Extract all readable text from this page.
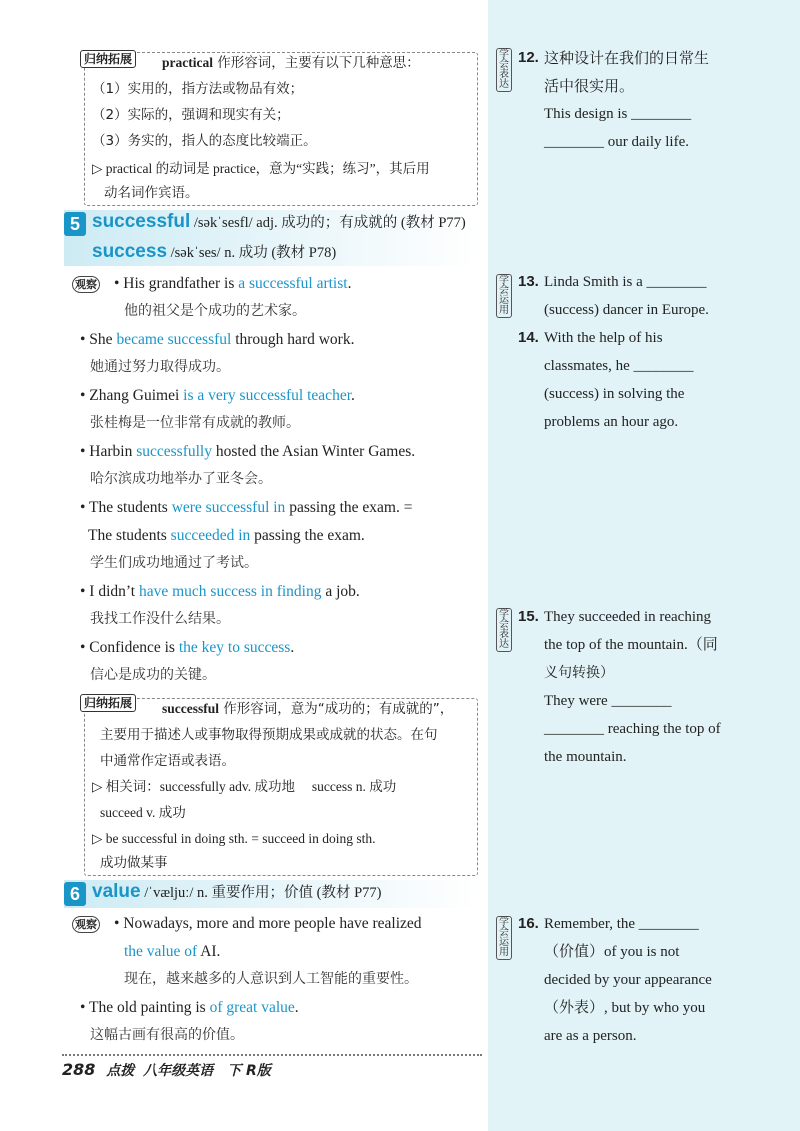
归纳拓展 practical 作形容词，主要有以下几种意思：
（1）实用的，指方法或物品有效；
（2）实际的，强调和现实有关；
（3）务实的，指人的态度比较端正。
▷ practical 的动词是 practice，意为“实践；练习”，其后用
动名词作宾语。
5 successful /səkˈsesfl/ adj. 成功的；有成就的 (教材 P77)
success /səkˈses/ n. 成功 (教材 P78)
观察 • His grandfather is a successful artist.
他的祖父是个成功的艺术家。
• She became successful through hard work.
她通过努力取得成功。
• Zhang Guimei is a very successful teacher.
张桂梅是一位非常有成就的教师。
• Harbin successfully hosted the Asian Winter Games.
哈尔滨成功地举办了亚冬会。
• The students were successful in passing the exam. =
The students succeeded in passing the exam.
学生们成功地通过了考试。
• I didn’t have much success in finding a job.
我找工作没什么结果。
• Confidence is the key to success.
信心是成功的关键。
归纳拓展 successful 作形容词，意为“成功的；有成就的”，
主要用于描述人或事物取得预期成果或成就的状态。在句
中通常作定语或表语。
▷ 相关词：successfully adv. 成功地　 success n. 成功
succeed v. 成功
▷ be successful in doing sth. = succeed in doing sth.
成功做某事
6 value /ˈvæljuː/ n. 重要作用；价值 (教材 P77)
观察 • Nowadays, more and more people have realized
the value of AI.
现在，越来越多的人意识到人工智能的重要性。
• The old painting is of great value.
这幅古画有很高的价值。
学会表达
12. 这种设计在我们的日常生
活中很实用。
This design is ________
________ our daily life.
学会运用
13. Linda Smith is a ________
(success) dancer in Europe.
14. With the help of his
classmates, he ________
(success) in solving the
problems an hour ago.
学会表达
15. They succeeded in reaching
the top of the mountain.（同
义句转换）
They were ________
________ reaching the top of
the mountain.
学会运用
16. Remember, the ________
（价值）of you is not
decided by your appearance
（外表）, but by who you
are as a person.
288 点拨 八年级英语　下 R版
